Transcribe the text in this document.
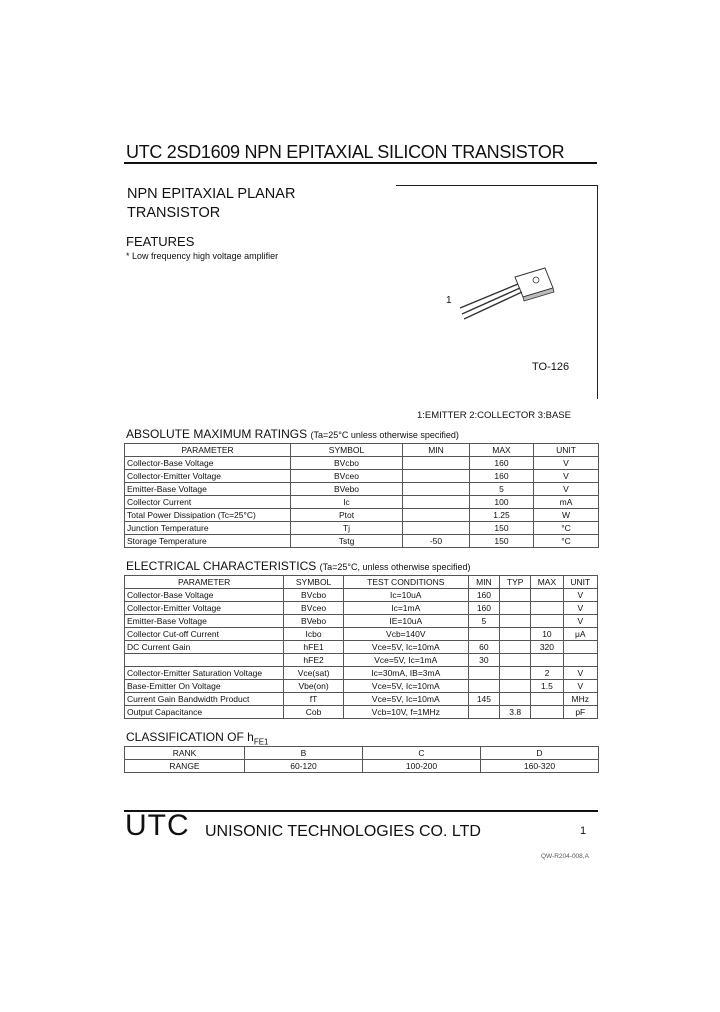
UTC 2SD1609 NPN EPITAXIAL SILICON TRANSISTOR
NPN EPITAXIAL PLANAR
TRANSISTOR
FEATURES
* Low frequency high voltage amplifier
1
TO-126
1:EMITTER 2:COLLECTOR 3:BASE
ABSOLUTE MAXIMUM RATINGS (Ta=25°C unless otherwise specified)
PARAMETER	SYMBOL	MIN	MAX	UNIT
Collector-Base Voltage	BVcbo		160	V
Collector-Emitter Voltage	BVceo		160	V
Emitter-Base Voltage	BVebo		5	V
Collector Current	Ic		100	mA
Total Power Dissipation (Tc=25°C)	Ptot		1.25	W
Junction Temperature	Tj		150	°C
Storage Temperature	Tstg	-50	150	°C
ELECTRICAL CHARACTERISTICS (Ta=25°C, unless otherwise specified)
PARAMETER	SYMBOL	TEST CONDITIONS	MIN	TYP	MAX	UNIT
Collector-Base Voltage	BVcbo	Ic=10uA	160			V
Collector-Emitter Voltage	BVceo	Ic=1mA	160			V
Emitter-Base Voltage	BVebo	IE=10uA	5			V
Collector Cut-off Current	Icbo	Vcb=140V			10	μA
DC Current Gain	hFE1	Vce=5V, Ic=10mA	60		320	
	hFE2	Vce=5V, Ic=1mA	30			
Collector-Emitter Saturation Voltage	Vce(sat)	Ic=30mA, IB=3mA			2	V
Base-Emitter On Voltage	Vbe(on)	Vce=5V, Ic=10mA			1.5	V
Current Gain Bandwidth Product	fT	Vce=5V, Ic=10mA	145			MHz
Output Capacitance	Cob	Vcb=10V, f=1MHz		3.8		pF
CLASSIFICATION OF $h_{FE1}$
RANK	B	C	D
RANGE	60-120	100-200	160-320
UTC UNISONIC TECHNOLOGIES CO. LTD	1
QW-R204-008,A
